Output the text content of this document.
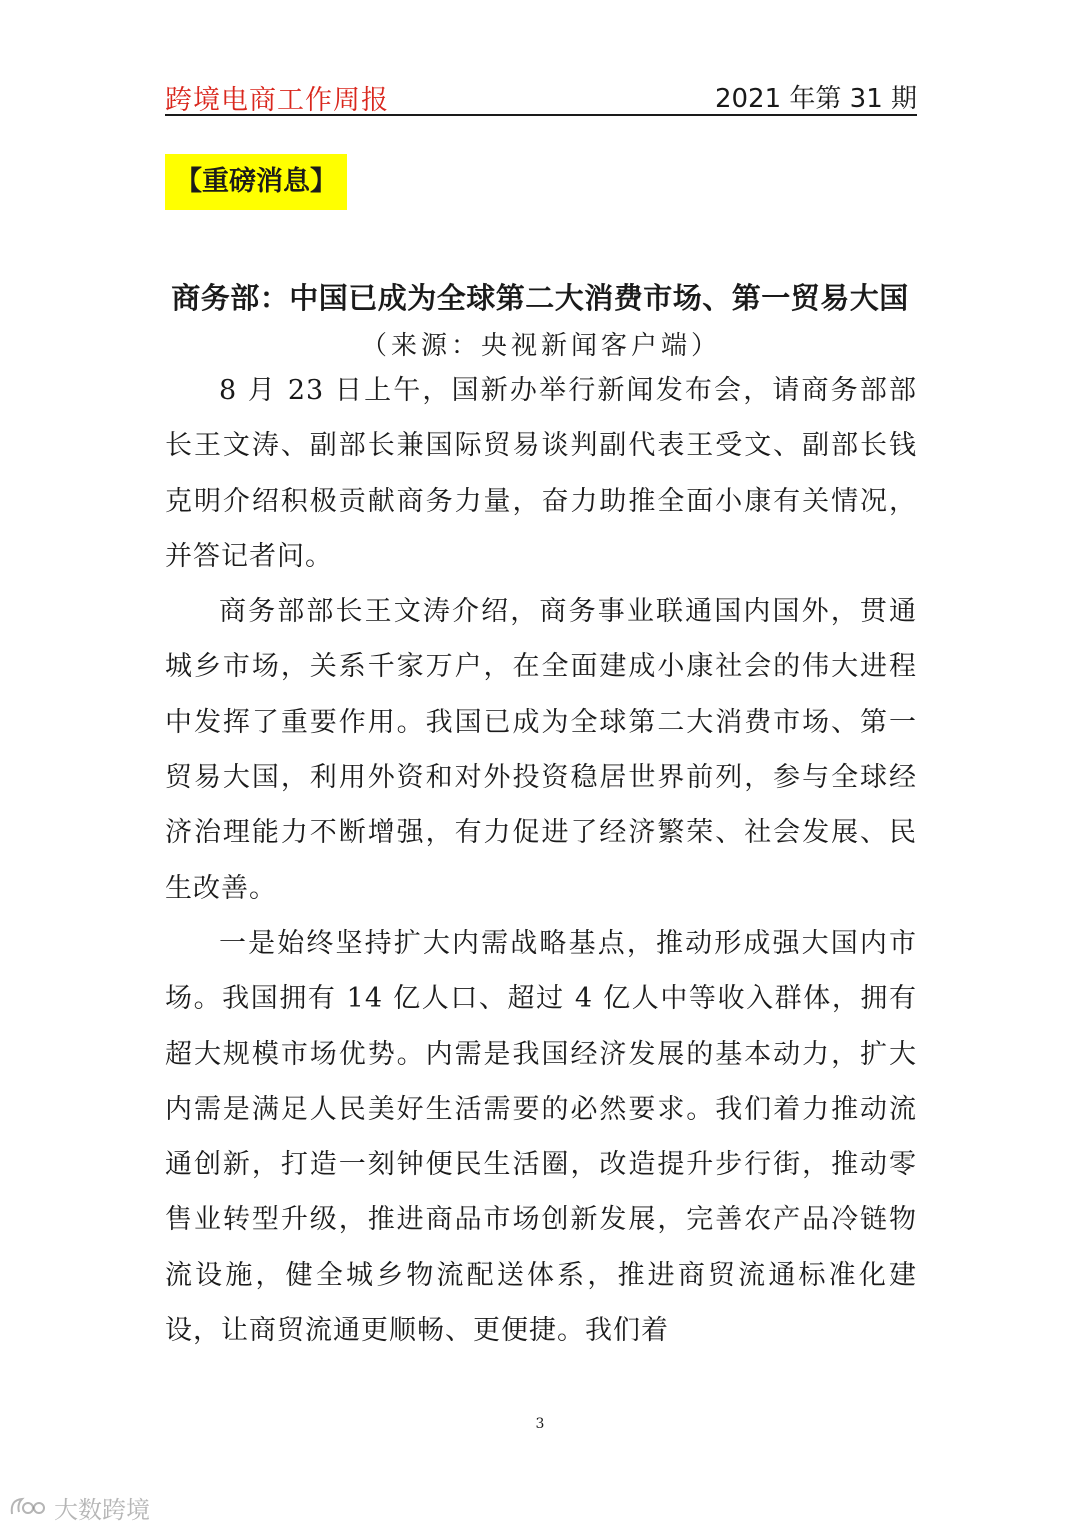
跨境电商工作周报	2021 年第 31 期
【重磅消息】
商务部：中国已成为全球第二大消费市场、第一贸易大国
（来源：央视新闻客户端）

8 月 23 日上午，国新办举行新闻发布会，请商务部部长王文涛、副部长兼国际贸易谈判副代表王受文、副部长钱克明介绍积极贡献商务力量，奋力助推全面小康有关情况，并答记者问。

商务部部长王文涛介绍，商务事业联通国内国外，贯通城乡市场，关系千家万户，在全面建成小康社会的伟大进程中发挥了重要作用。我国已成为全球第二大消费市场、第一贸易大国，利用外资和对外投资稳居世界前列，参与全球经济治理能力不断增强，有力促进了经济繁荣、社会发展、民生改善。

一是始终坚持扩大内需战略基点，推动形成强大国内市场。我国拥有 14 亿人口、超过 4 亿人中等收入群体，拥有超大规模市场优势。内需是我国经济发展的基本动力，扩大内需是满足人民美好生活需要的必然要求。我们着力推动流通创新，打造一刻钟便民生活圈，改造提升步行街，推动零售业转型升级，推进商品市场创新发展，完善农产品冷链物流设施，健全城乡物流配送体系，推进商贸流通标准化建设，让商贸流通更顺畅、更便捷。我们着

3
大数跨境
